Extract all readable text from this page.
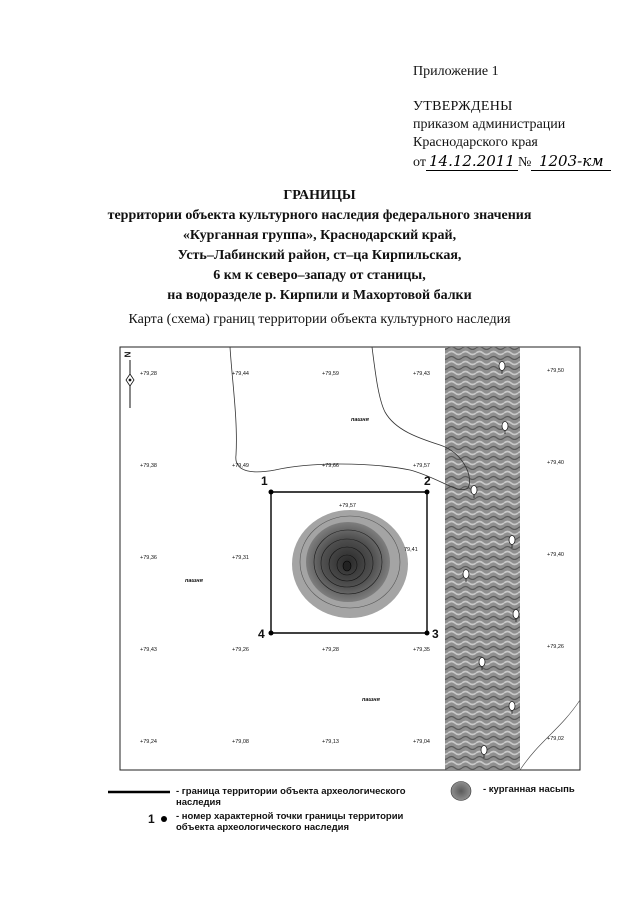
Приложение 1
УТВЕРЖДЕНЫ
приказом администрации
Краснодарского края
от 14.12.2011 № 1203-км
ГРАНИЦЫ
территории объекта культурного наследия федерального значения
«Курганная группа», Краснодарский край,
Усть–Лабинский район, ст–ца Кирпильская,
6 км к северо–западу от станицы,
на водоразделе р. Кирпили и Махортовой балки
Карта (схема) границ территории объекта культурного наследия
N
+79,28	+79,44	+79,59	+79,43	+79,50
+79,38	+79,49	+79,66	+79,57	+79,40
+79,36	+79,31
+79,57
+79,40
79,41
+79,43	+79,26	+79,28	+79,35	+79,26
+79,24	+79,08	+79,13	+79,04	+79,02
пашня
пашня
пашня
1	2
3
4
- граница территории объекта археологического
наследия
- курганная насыпь
1 - номер характерной точки границы территории
объекта археологического наследия
